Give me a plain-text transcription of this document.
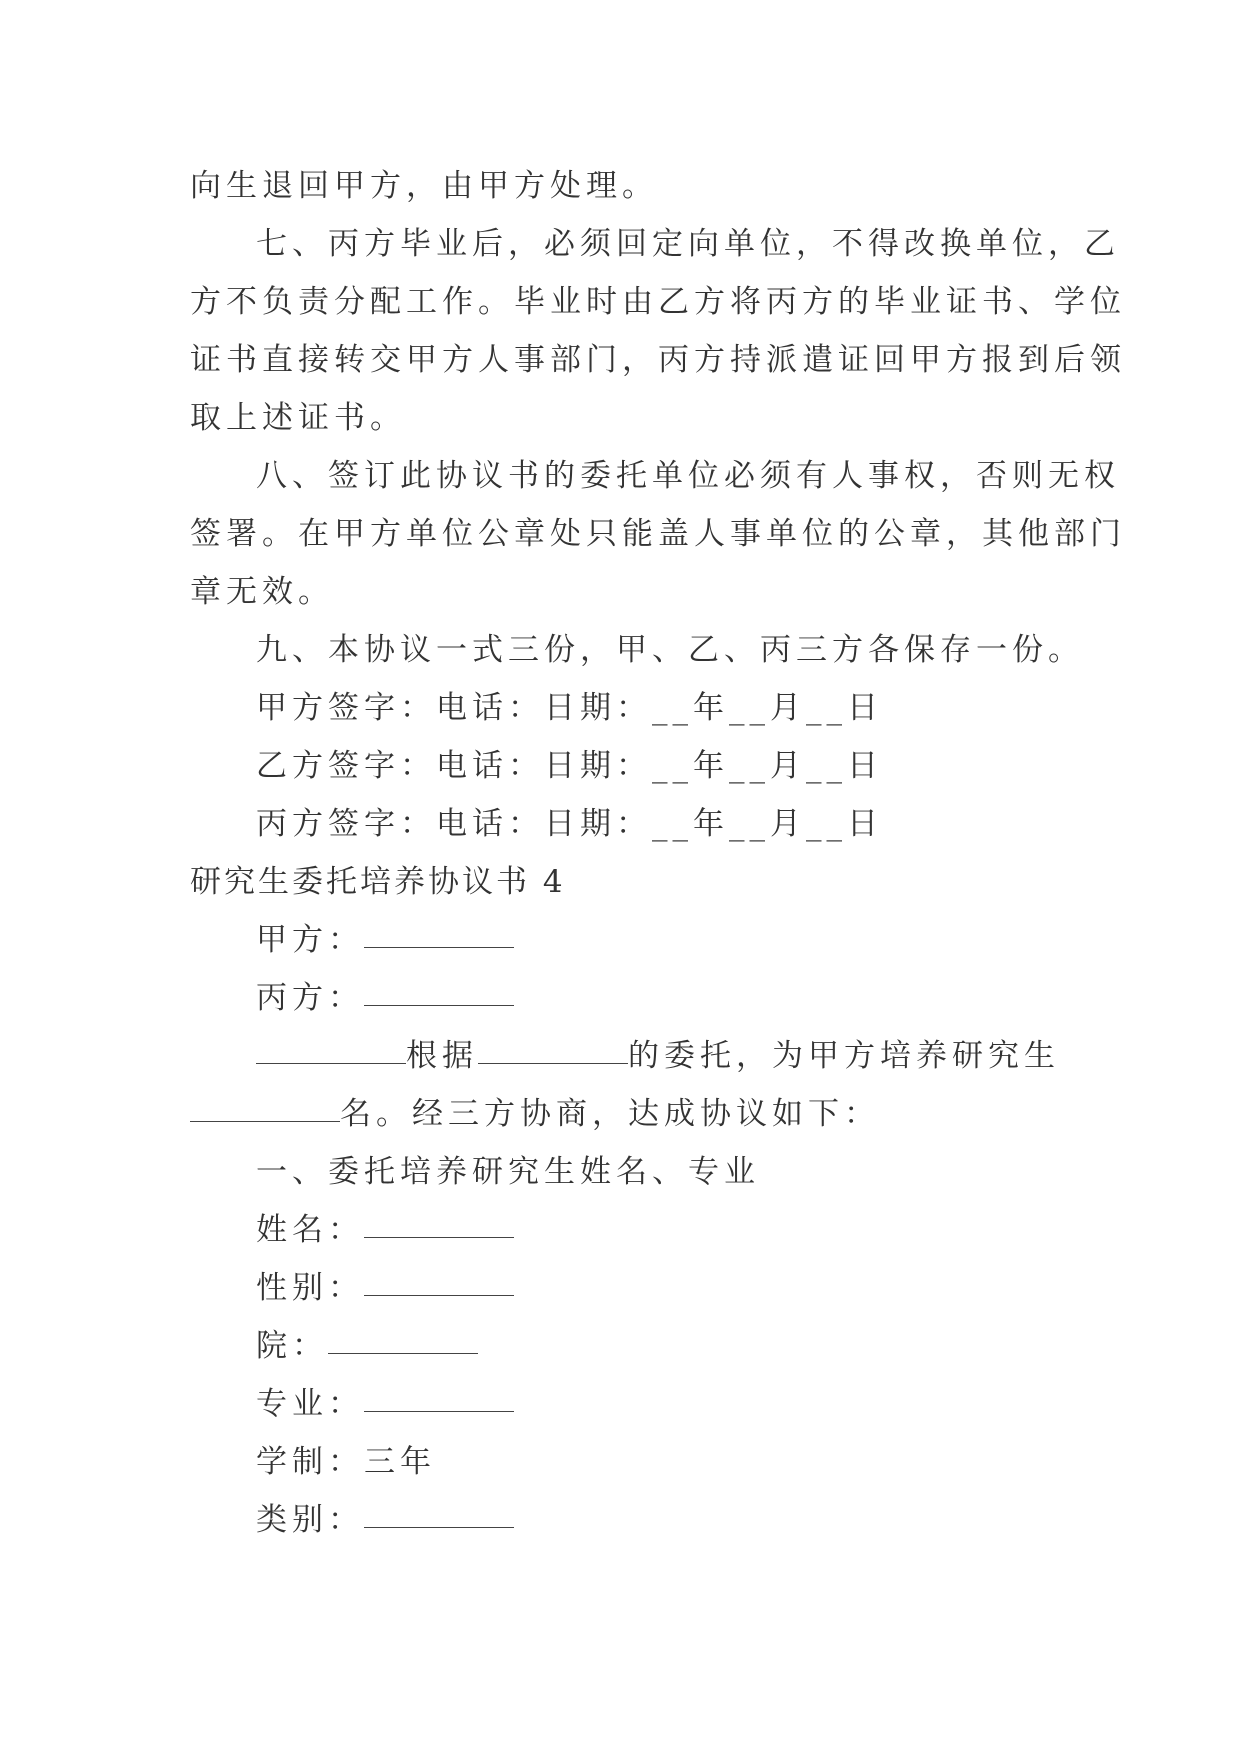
向生退回甲方，由甲方处理。
七、丙方毕业后，必须回定向单位，不得改换单位，乙
方不负责分配工作。毕业时由乙方将丙方的毕业证书、学位
证书直接转交甲方人事部门，丙方持派遣证回甲方报到后领
取上述证书。
八、签订此协议书的委托单位必须有人事权，否则无权
签署。在甲方单位公章处只能盖人事单位的公章，其他部门
章无效。
九、本协议一式三份，甲、乙、丙三方各保存一份。
甲方签字：电话：日期：__年__月__日
乙方签字：电话：日期：__年__月__日
丙方签字：电话：日期：__年__月__日
研究生委托培养协议书 4
甲方：
丙方：
根据	的委托，为甲方培养研究生
名。经三方协商，达成协议如下：
一、委托培养研究生姓名、专业
姓名：
性别：
院：
专业：
学制：三年
类别：
